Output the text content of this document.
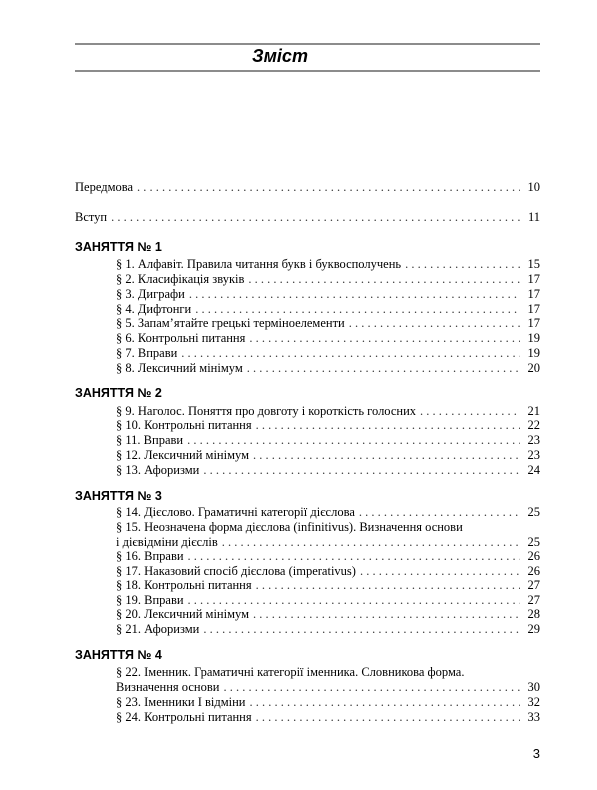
Зміст
Передмова . . .	10
Вступ . . .	11
ЗАНЯТТЯ № 1
§ 1. Алфавіт. Правила читання букв і буквосполучень . . .	15
§ 2. Класифікація звуків . . .	17
§ 3. Диграфи . . .	17
§ 4. Дифтонги . . .	17
§ 5. Запам’ятайте грецькі терміноелементи . . .	17
§ 6. Контрольні питання . . .	19
§ 7. Вправи . . .	19
§ 8. Лексичний мінімум . . .	20
ЗАНЯТТЯ № 2
§ 9. Наголос. Поняття про довготу і короткість голосних . . .	21
§ 10. Контрольні питання . . .	22
§ 11. Вправи . . .	23
§ 12. Лексичний мінімум . . .	23
§ 13. Афоризми . . .	24
ЗАНЯТТЯ № 3
§ 14. Дієслово. Граматичні категорії дієслова . . .	25
§ 15. Неозначена форма дієслова (infinitivus). Визначення основи
і дієвідміни дієслів . . .	25
§ 16. Вправи . . .	26
§ 17. Наказовий спосіб дієслова (imperativus) . . .	26
§ 18. Контрольні питання . . .	27
§ 19. Вправи . . .	27
§ 20. Лексичний мінімум . . .	28
§ 21. Афоризми . . .	29
ЗАНЯТТЯ № 4
§ 22. Іменник. Граматичні категорії іменника. Словникова форма.
Визначення основи . . .	30
§ 23. Іменники І відміни . . .	32
§ 24. Контрольні питання . . .	33
3
